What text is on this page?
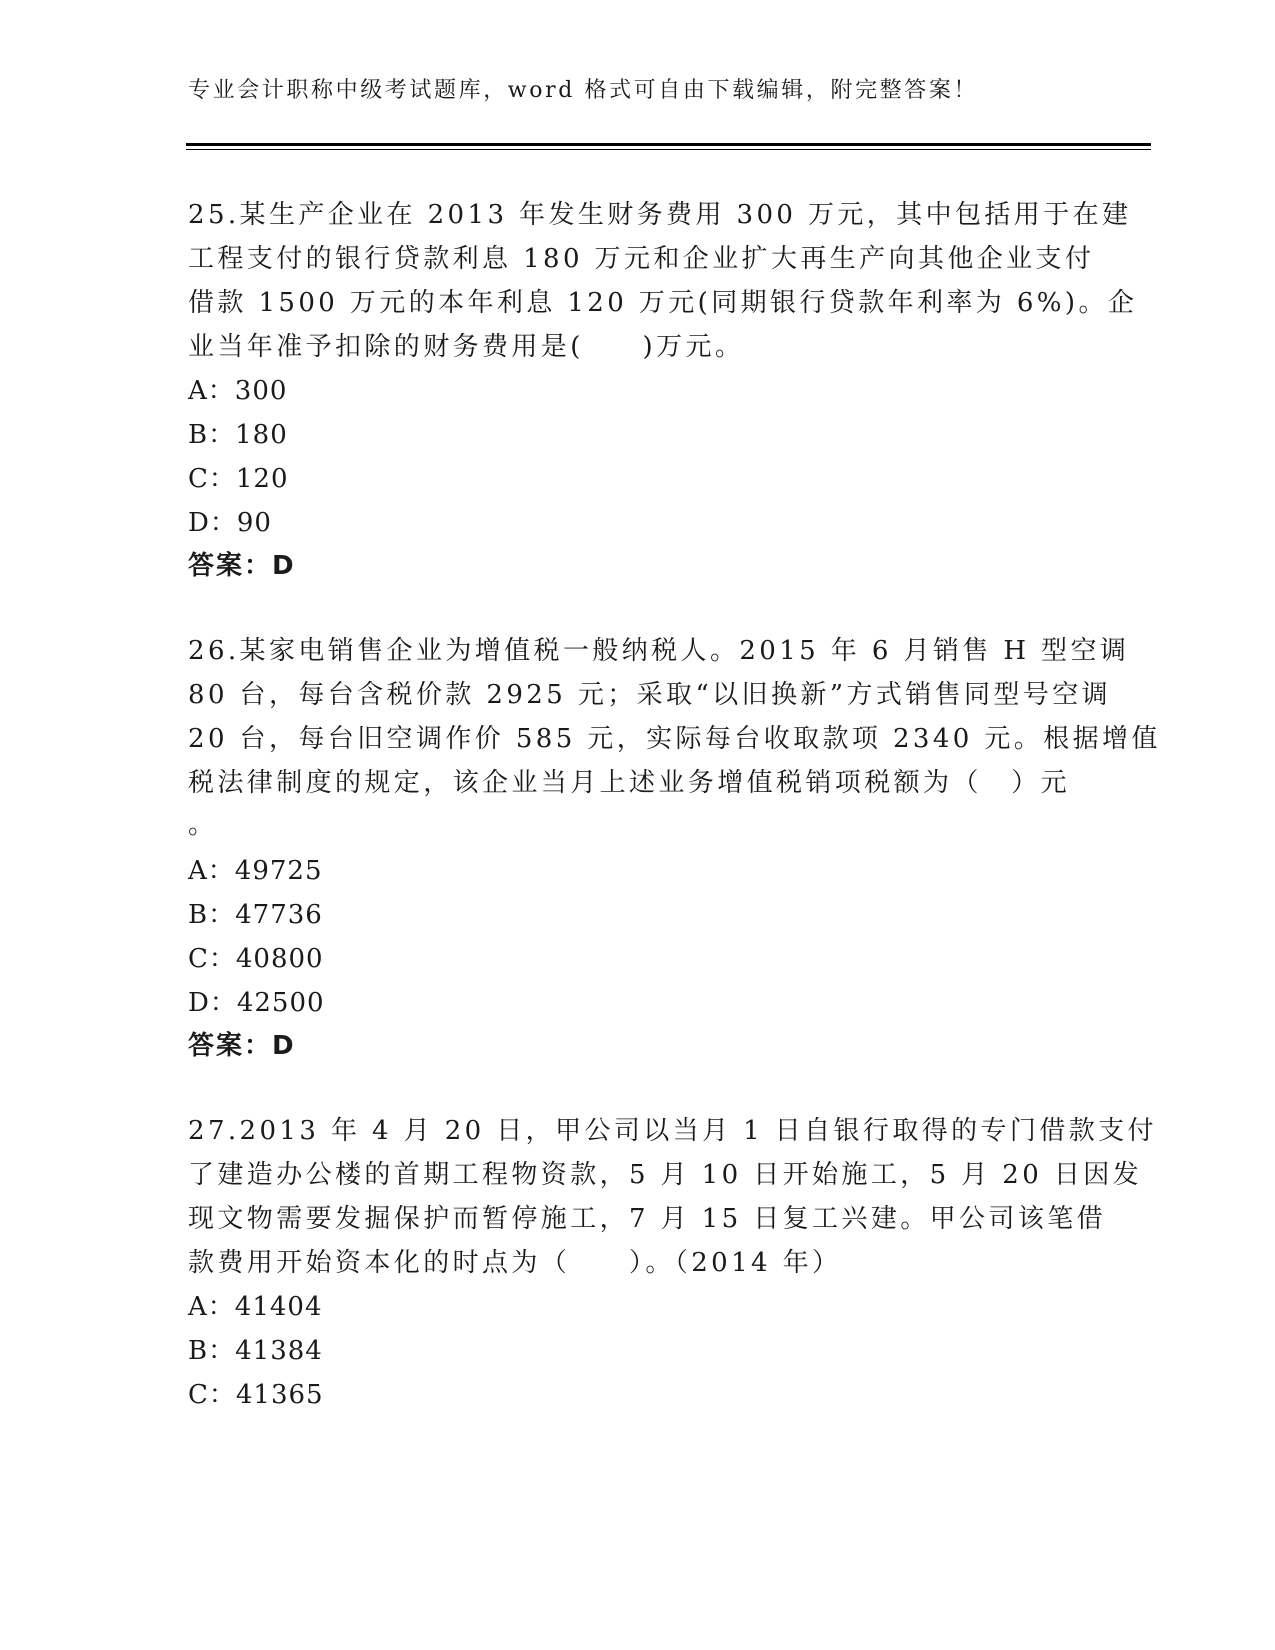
专业会计职称中级考试题库，word 格式可自由下载编辑，附完整答案！
25.某生产企业在 2013 年发生财务费用 300 万元，其中包括用于在建
工程支付的银行贷款利息 180 万元和企业扩大再生产向其他企业支付
借款 1500 万元的本年利息 120 万元(同期银行贷款年利率为 6%)。企
业当年准予扣除的财务费用是(　　)万元。
A：300
B：180
C：120
D：90
答案：D
26.某家电销售企业为增值税一般纳税人。2015 年 6 月销售 H 型空调
80 台，每台含税价款 2925 元；采取“以旧换新”方式销售同型号空调
20 台，每台旧空调作价 585 元，实际每台收取款项 2340 元。根据增值
税法律制度的规定，该企业当月上述业务增值税销项税额为（　）元
。
A：49725
B：47736
C：40800
D：42500
答案：D
27.2013 年 4 月 20 日，甲公司以当月 1 日自银行取得的专门借款支付
了建造办公楼的首期工程物资款，5 月 10 日开始施工，5 月 20 日因发
现文物需要发掘保护而暂停施工，7 月 15 日复工兴建。甲公司该笔借
款费用开始资本化的时点为（　　）。（2014 年）
A：41404
B：41384
C：41365
